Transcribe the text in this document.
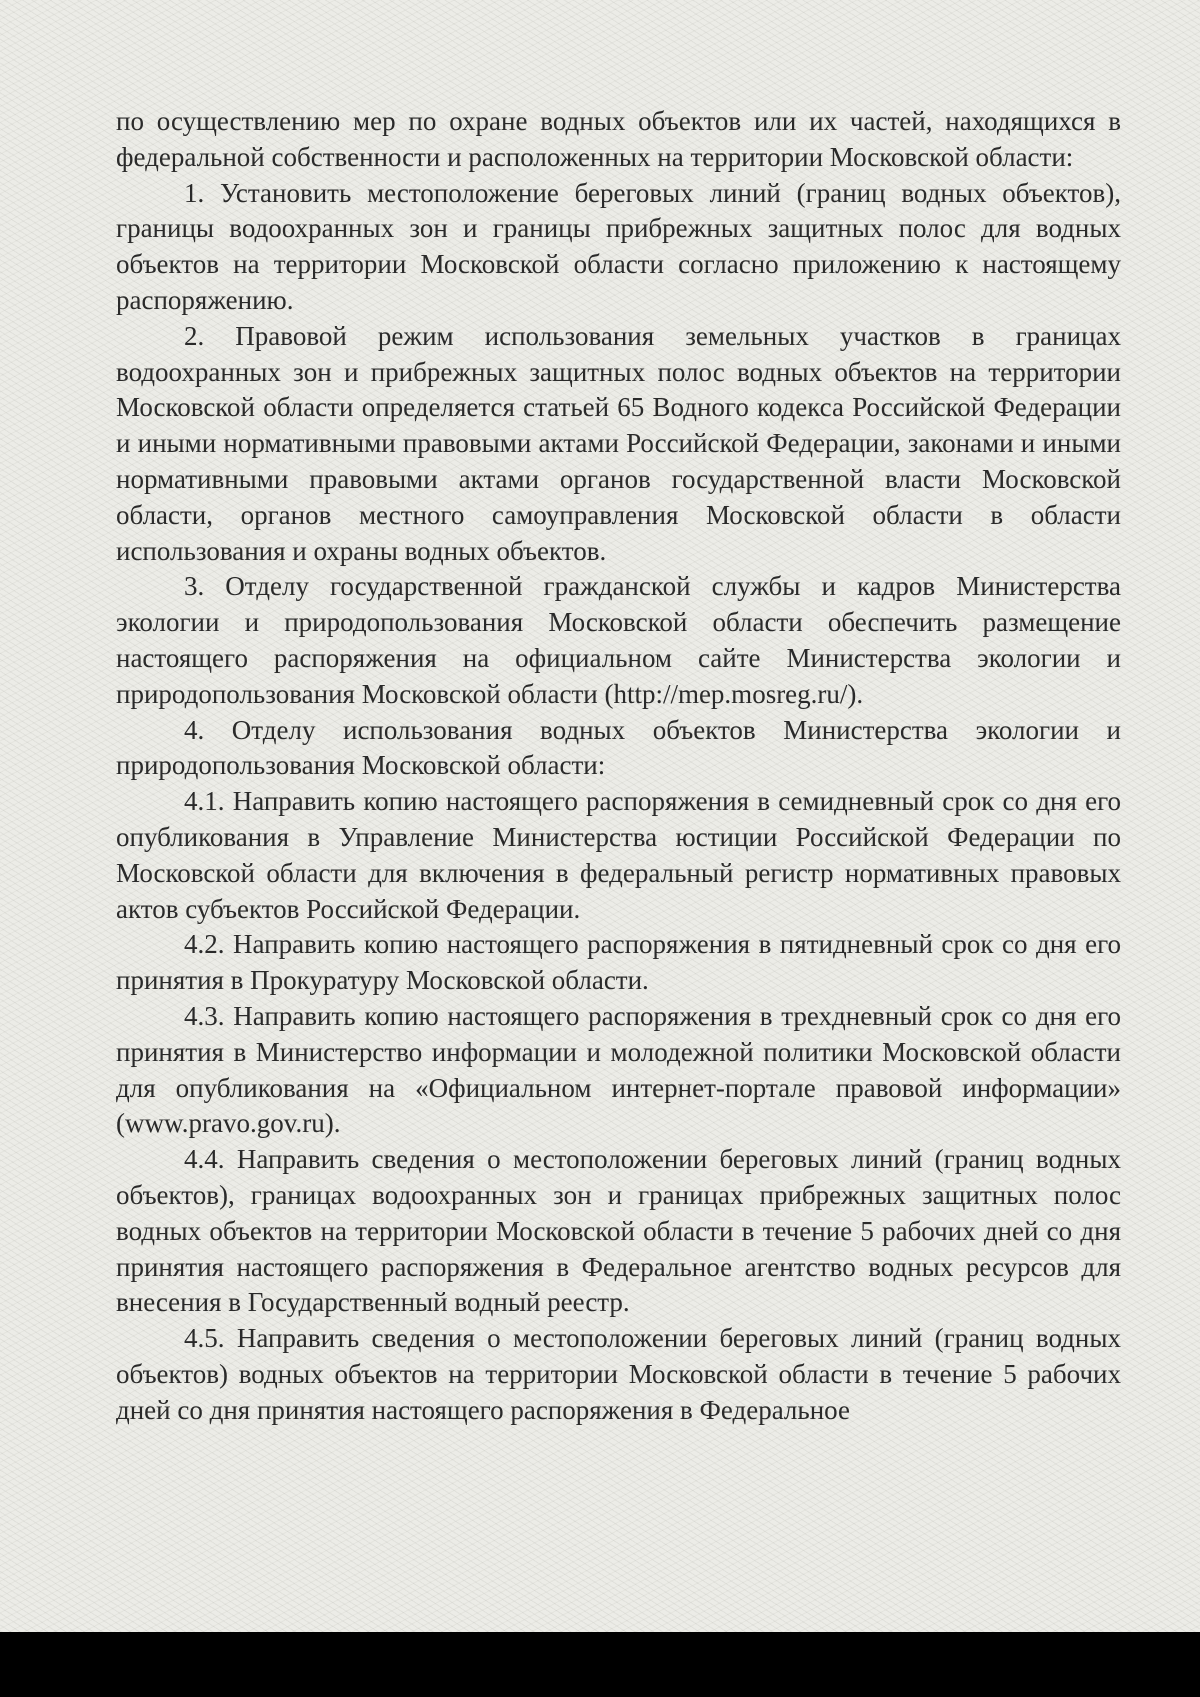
по осуществлению мер по охране водных объектов или их частей, находящихся в федеральной собственности и расположенных на территории Московской области:

1. Установить местоположение береговых линий (границ водных объектов), границы водоохранных зон и границы прибрежных защитных полос для водных объектов на территории Московской области согласно приложению к настоящему распоряжению.

2. Правовой режим использования земельных участков в границах водоохранных зон и прибрежных защитных полос водных объектов на территории Московской области определяется статьей 65 Водного кодекса Российской Федерации и иными нормативными правовыми актами Российской Федерации, законами и иными нормативными правовыми актами органов государственной власти Московской области, органов местного самоуправления Московской области в области использования и охраны водных объектов.

3. Отделу государственной гражданской службы и кадров Министерства экологии и природопользования Московской области обеспечить размещение настоящего распоряжения на официальном сайте Министерства экологии и природопользования Московской области (http://mep.mosreg.ru/).

4. Отделу использования водных объектов Министерства экологии и природопользования Московской области:

4.1. Направить копию настоящего распоряжения в семидневный срок со дня его опубликования в Управление Министерства юстиции Российской Федерации по Московской области для включения в федеральный регистр нормативных правовых актов субъектов Российской Федерации.

4.2. Направить копию настоящего распоряжения в пятидневный срок со дня его принятия в Прокуратуру Московской области.

4.3. Направить копию настоящего распоряжения в трехдневный срок со дня его принятия в Министерство информации и молодежной политики Московской области для опубликования на «Официальном интернет-портале правовой информации» (www.pravo.gov.ru).

4.4. Направить сведения о местоположении береговых линий (границ водных объектов), границах водоохранных зон и границах прибрежных защитных полос водных объектов на территории Московской области в течение 5 рабочих дней со дня принятия настоящего распоряжения в Федеральное агентство водных ресурсов для внесения в Государственный водный реестр.

4.5. Направить сведения о местоположении береговых линий (границ водных объектов) водных объектов на территории Московской области в течение 5 рабочих дней со дня принятия настоящего распоряжения в Федеральное
